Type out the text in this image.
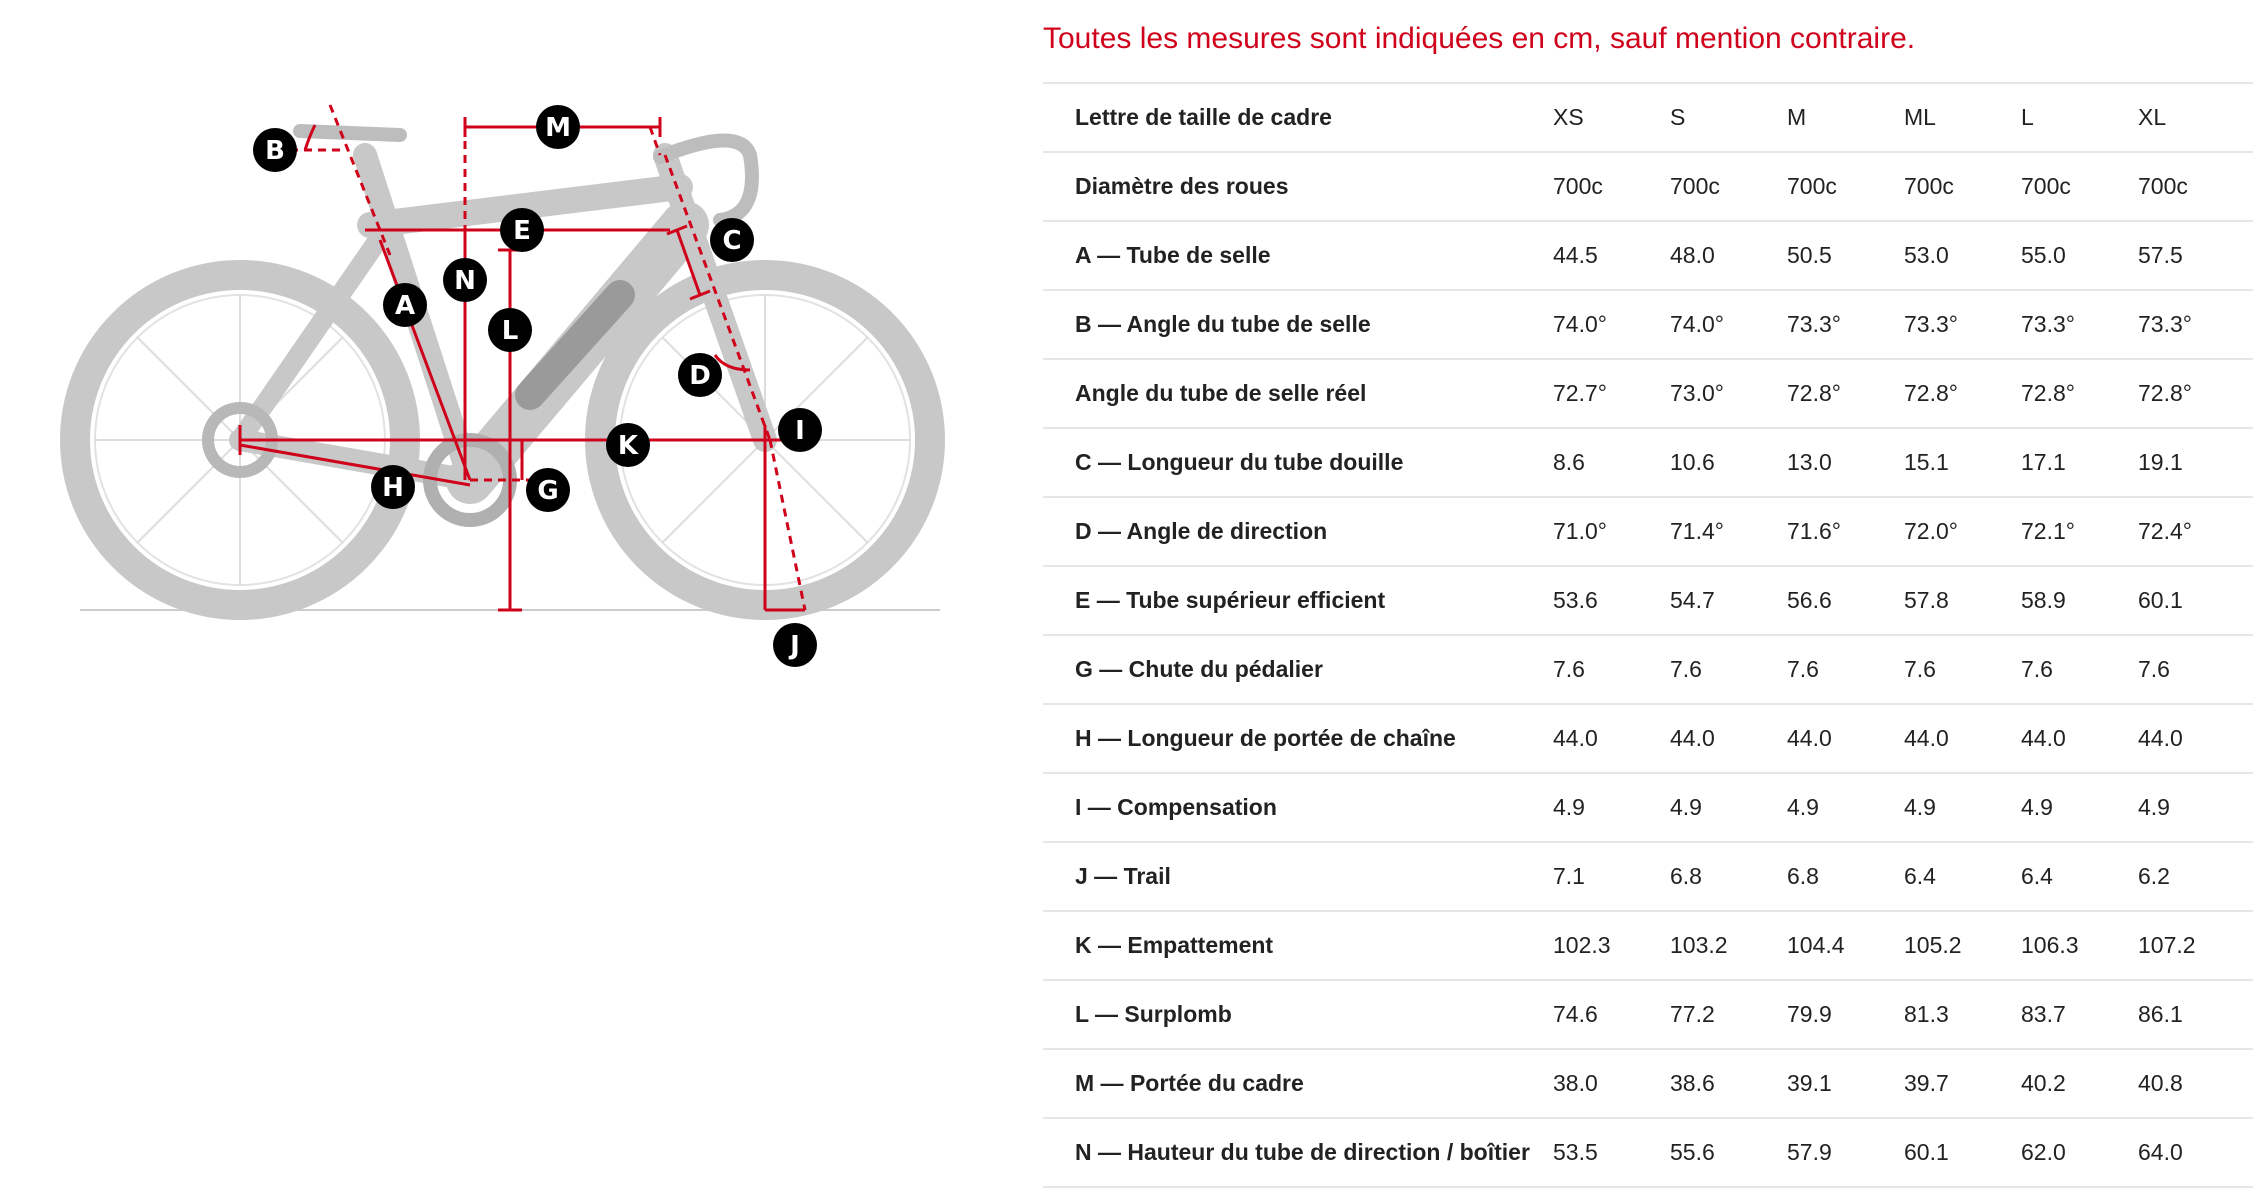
A
B
C
D
E
G
H
I
J
K
L
M
N
Toutes les mesures sont indiquées en cm, sauf mention contraire.
Lettre de taille de cadre	XS	S	M	ML	L	XL
Diamètre des roues	700c	700c	700c	700c	700c	700c
A — Tube de selle	44.5	48.0	50.5	53.0	55.0	57.5
B — Angle du tube de selle	74.0°	74.0°	73.3°	73.3°	73.3°	73.3°
Angle du tube de selle réel	72.7°	73.0°	72.8°	72.8°	72.8°	72.8°
C — Longueur du tube douille	8.6	10.6	13.0	15.1	17.1	19.1
D — Angle de direction	71.0°	71.4°	71.6°	72.0°	72.1°	72.4°
E — Tube supérieur efficient	53.6	54.7	56.6	57.8	58.9	60.1
G — Chute du pédalier	7.6	7.6	7.6	7.6	7.6	7.6
H — Longueur de portée de chaîne	44.0	44.0	44.0	44.0	44.0	44.0
I — Compensation	4.9	4.9	4.9	4.9	4.9	4.9
J — Trail	7.1	6.8	6.8	6.4	6.4	6.2
K — Empattement	102.3	103.2	104.4	105.2	106.3	107.2
L — Surplomb	74.6	77.2	79.9	81.3	83.7	86.1
M — Portée du cadre	38.0	38.6	39.1	39.7	40.2	40.8
N — Hauteur du tube de direction / boîtier	53.5	55.6	57.9	60.1	62.0	64.0
